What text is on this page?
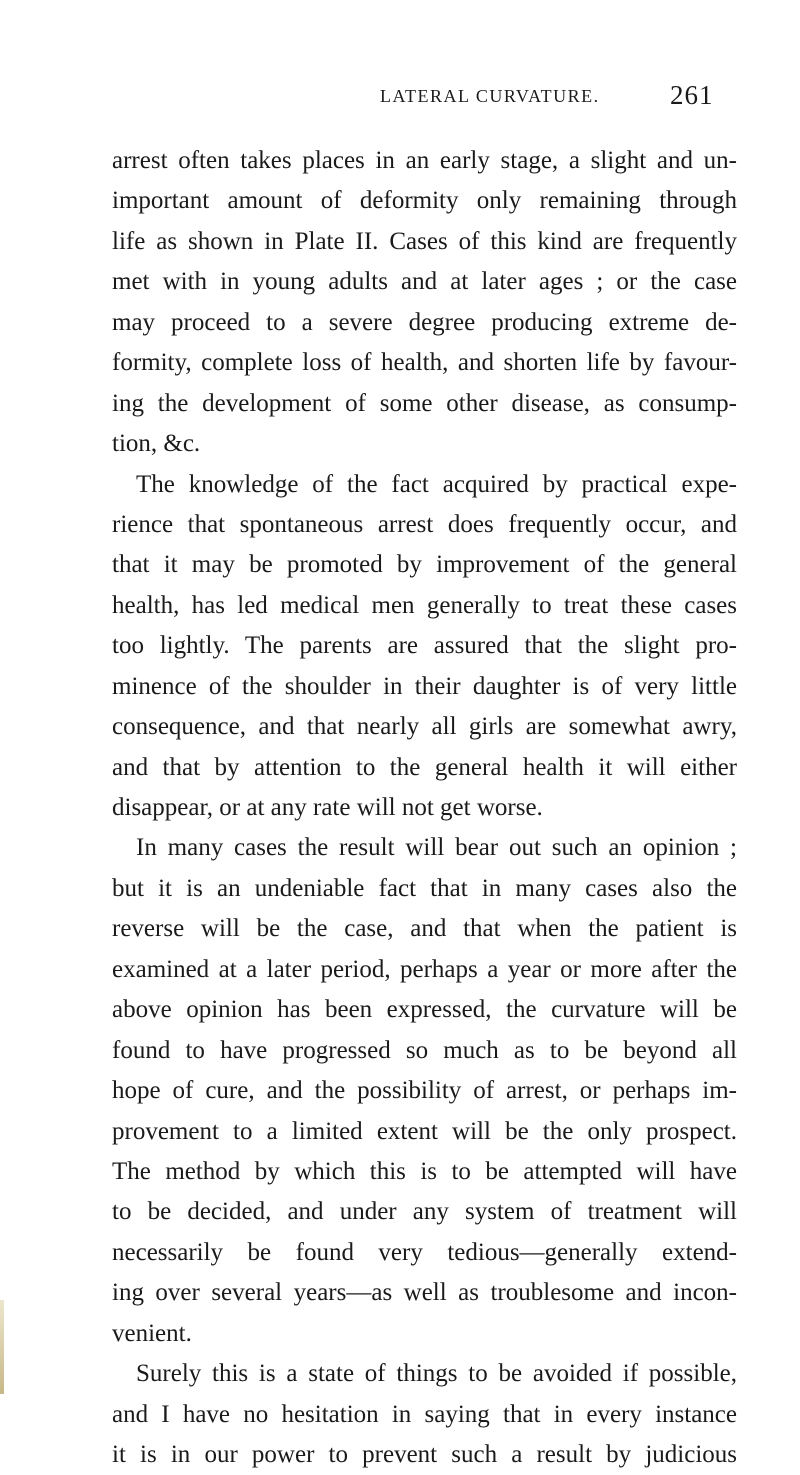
LATERAL CURVATURE.	261
arrest often takes places in an early stage, a slight and un-
important amount of deformity only remaining through
life as shown in Plate II. Cases of this kind are frequently
met with in young adults and at later ages ; or the case
may proceed to a severe degree producing extreme de-
formity, complete loss of health, and shorten life by favour-
ing the development of some other disease, as consump-
tion, &c.
The knowledge of the fact acquired by practical expe-
rience that spontaneous arrest does frequently occur, and
that it may be promoted by improvement of the general
health, has led medical men generally to treat these cases
too lightly. The parents are assured that the slight pro-
minence of the shoulder in their daughter is of very little
consequence, and that nearly all girls are somewhat awry,
and that by attention to the general health it will either
disappear, or at any rate will not get worse.
In many cases the result will bear out such an opinion ;
but it is an undeniable fact that in many cases also the
reverse will be the case, and that when the patient is
examined at a later period, perhaps a year or more after the
above opinion has been expressed, the curvature will be
found to have progressed so much as to be beyond all
hope of cure, and the possibility of arrest, or perhaps im-
provement to a limited extent will be the only prospect.
The method by which this is to be attempted will have
to be decided, and under any system of treatment will
necessarily be found very tedious—generally extend-
ing over several years—as well as troublesome and incon-
venient.
Surely this is a state of things to be avoided if possible,
and I have no hesitation in saying that in every instance
it is in our power to prevent such a result by judicious
